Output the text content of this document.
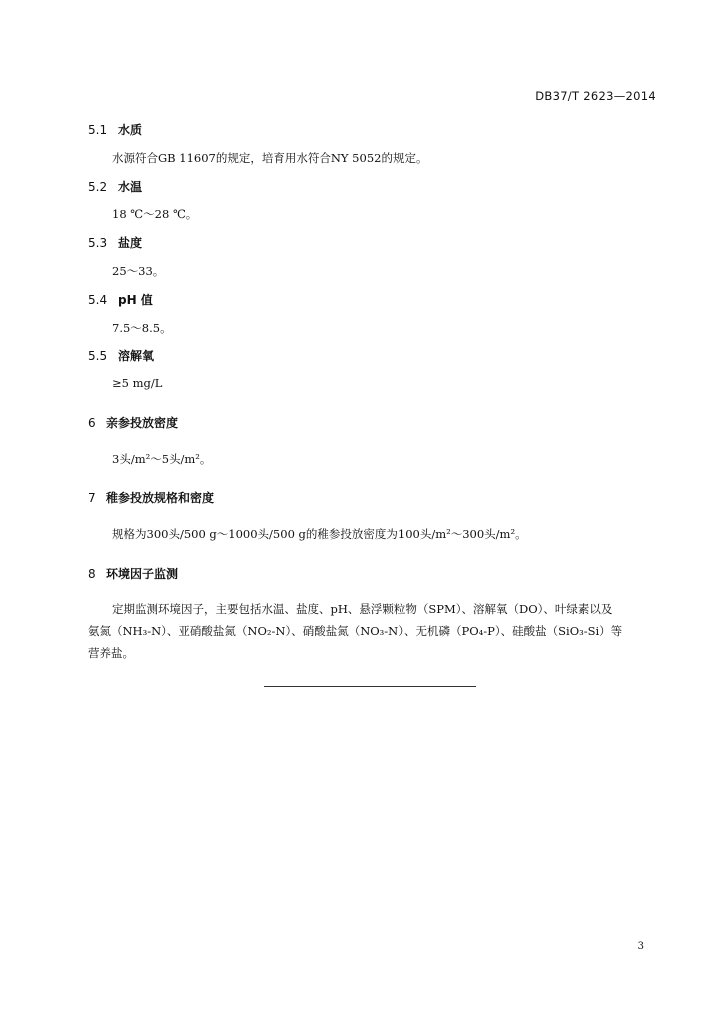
DB37/T 2623—2014
5.1 水质
水源符合GB 11607的规定，培育用水符合NY 5052的规定。
5.2 水温
18 ℃～28 ℃。
5.3 盐度
25～33。
5.4 pH 值
7.5～8.5。
5.5 溶解氧
≥5 mg/L
6 亲参投放密度
3头/m²～5头/m²。
7 稚参投放规格和密度
规格为300头/500 g～1000头/500 g的稚参投放密度为100头/m²～300头/m²。
8 环境因子监测
定期监测环境因子，主要包括水温、盐度、pH、悬浮颗粒物（SPM）、溶解氧（DO）、叶绿素以及
氨氮（NH₃-N）、亚硝酸盐氮（NO₂-N）、硝酸盐氮（NO₃-N）、无机磷（PO₄-P）、硅酸盐（SiO₃-Si）等
营养盐。
3
